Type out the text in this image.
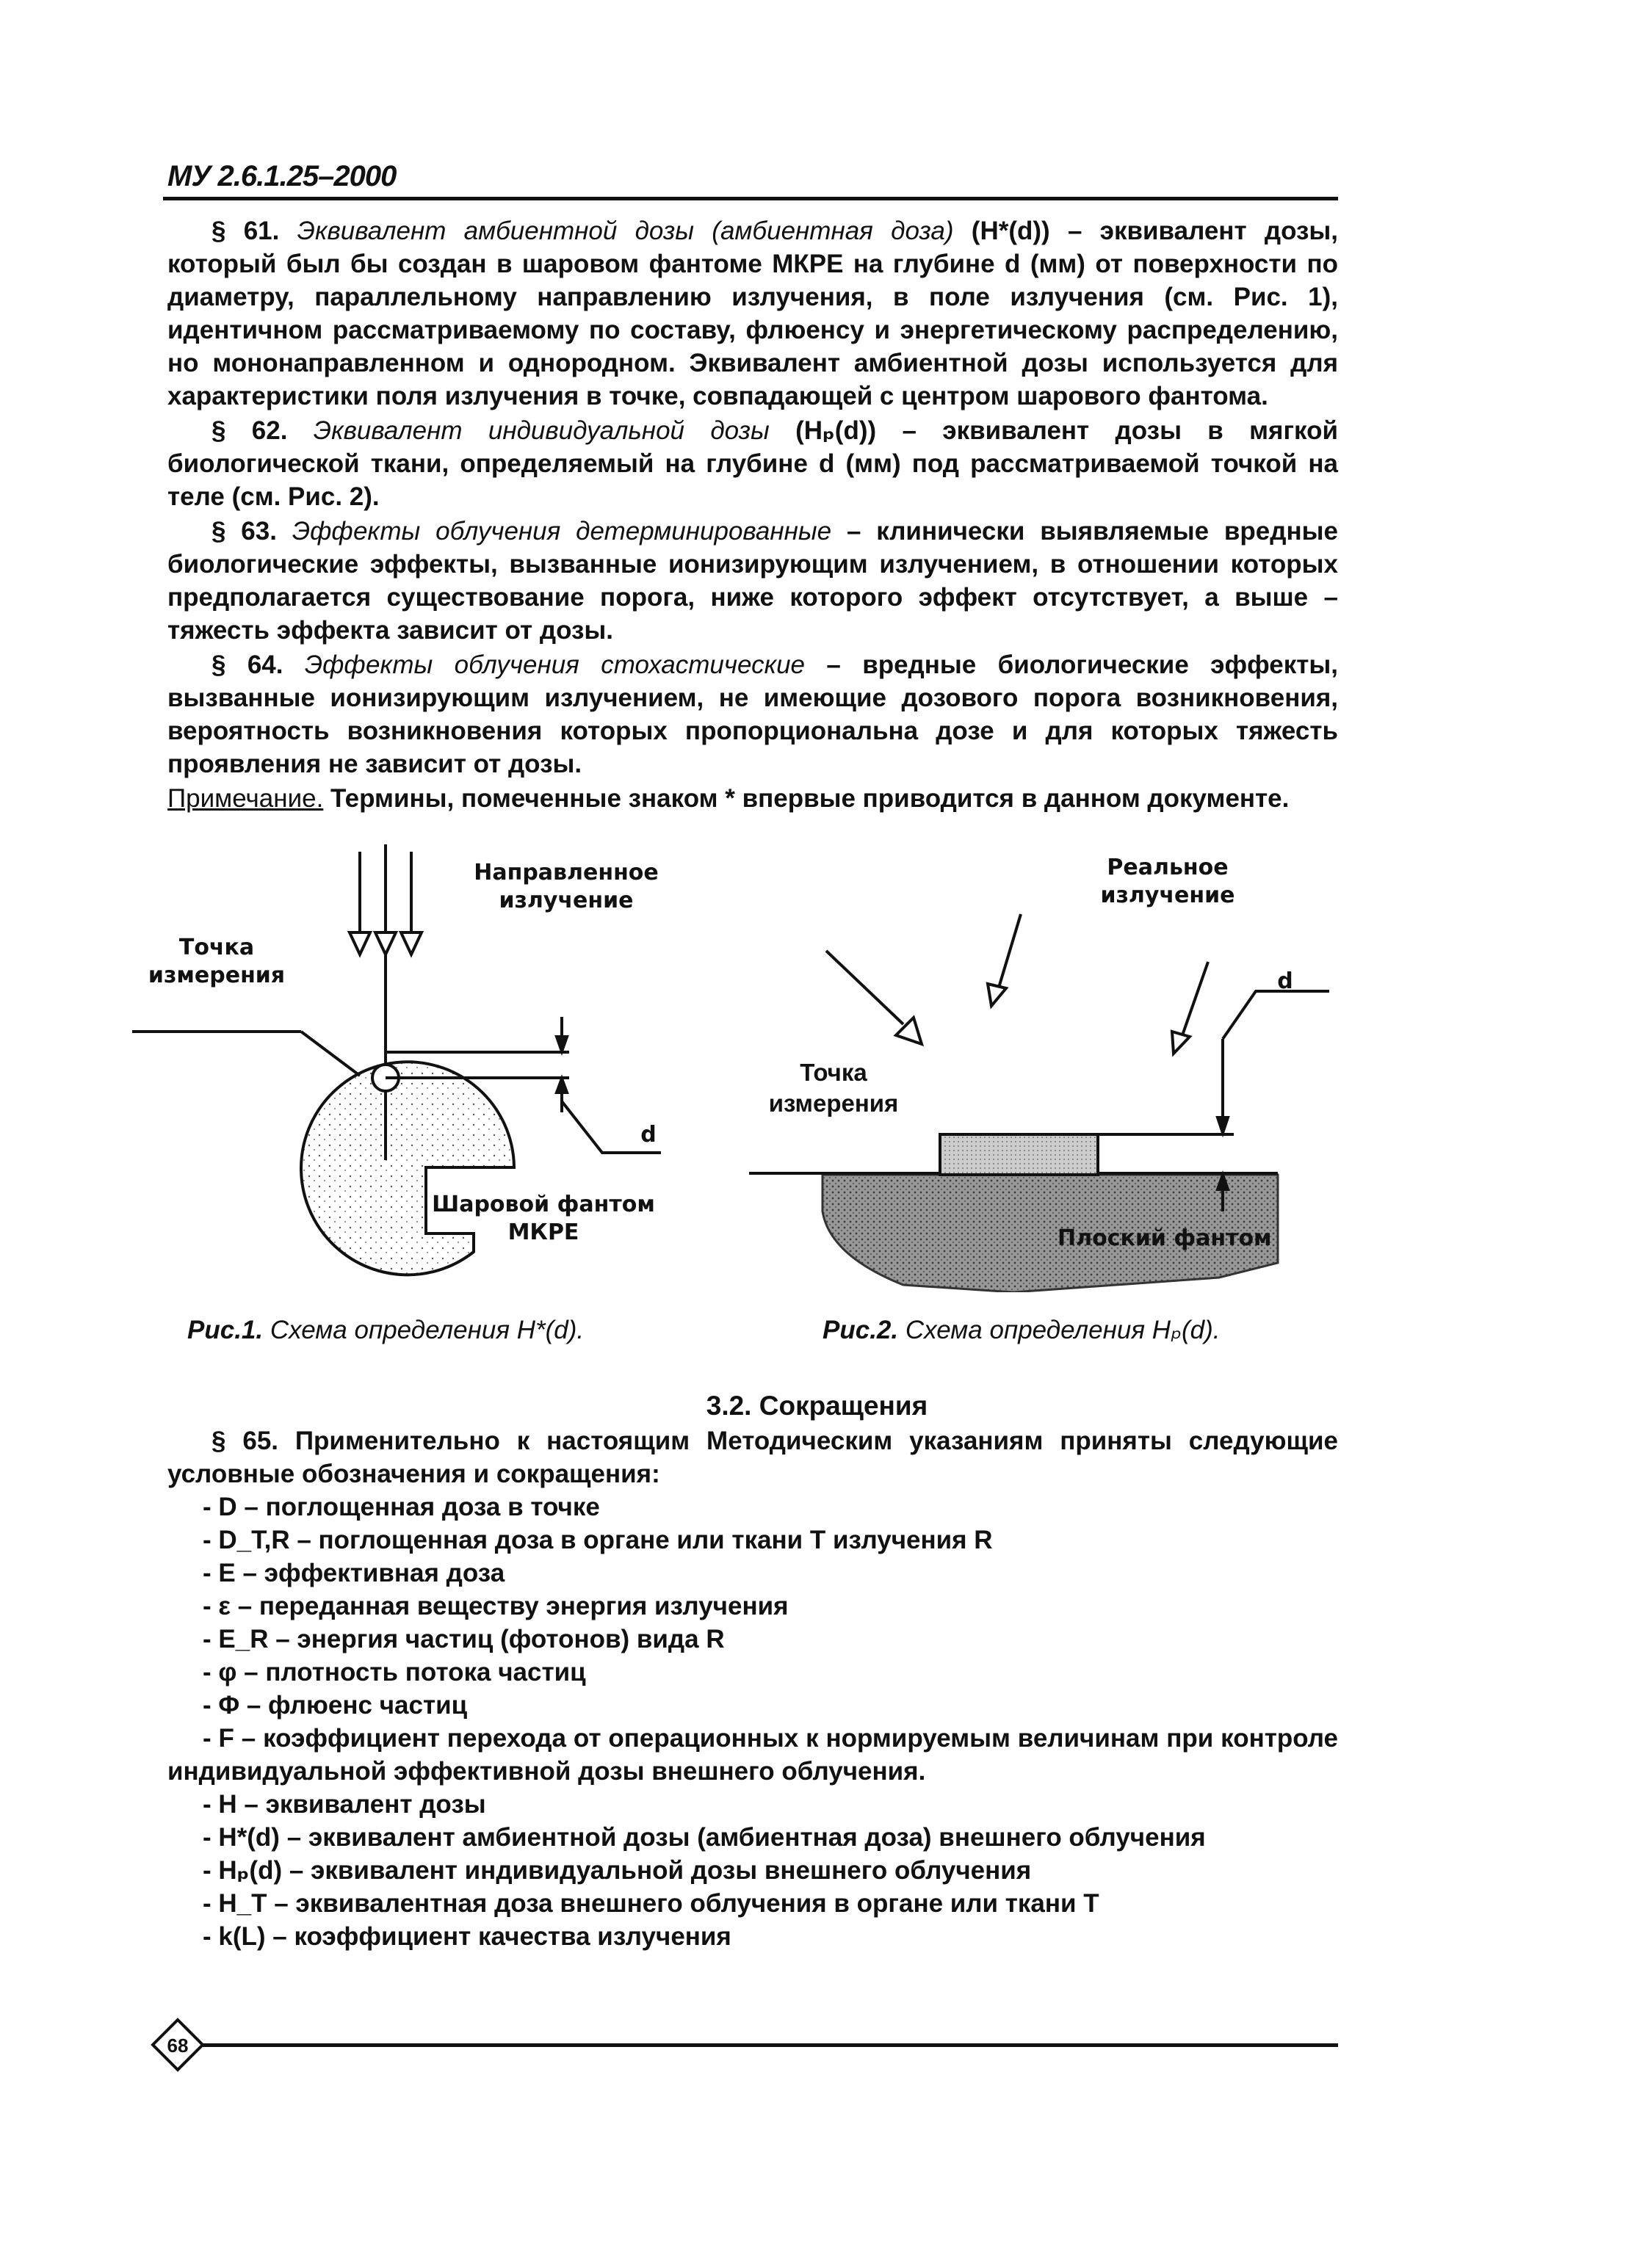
МУ 2.6.1.25–2000

§ 61. Эквивалент амбиентной дозы (амбиентная доза) (H*(d)) – эквивалент дозы, который был бы создан в шаровом фантоме МКРЕ на глубине d (мм) от поверхности по диаметру, параллельному направлению излучения, в поле излучения (см. Рис. 1), идентичном рассматриваемому по составу, флюенсу и энергетическому распределению, но мононаправленном и однородном. Эквивалент амбиентной дозы используется для характеристики поля излучения в точке, совпадающей с центром шарового фантома.

§ 62. Эквивалент индивидуальной дозы (Hₚ(d)) – эквивалент дозы в мягкой биологической ткани, определяемый на глубине d (мм) под рассматриваемой точкой на теле (см. Рис. 2).

§ 63. Эффекты облучения детерминированные – клинически выявляемые вредные биологические эффекты, вызванные ионизирующим излучением, в отношении которых предполагается существование порога, ниже которого эффект отсутствует, а выше – тяжесть эффекта зависит от дозы.

§ 64. Эффекты облучения стохастические – вредные биологические эффекты, вызванные ионизирующим излучением, не имеющие дозового порога возникновения, вероятность возникновения которых пропорциональна дозе и для которых тяжесть проявления не зависит от дозы.

Примечание. Термины, помеченные знаком * впервые приводится в данном документе.

Направленное
излучение
Точка
измерения
d
Шаровой фантом
МКРЕ
Реальное
излучение
Точка
измерения
d
Плоский фантом
Рис.1. Схема определения H*(d).	Рис.2. Схема определения Hₚ(d).
3.2. Сокращения

§ 65. Применительно к настоящим Методическим указаниям приняты следующие условные обозначения и сокращения:

- D – поглощенная доза в точке

- D_T,R – поглощенная доза в органе или ткани T излучения R

- E – эффективная доза

- ε – переданная веществу энергия излучения

- E_R – энергия частиц (фотонов) вида R

- φ – плотность потока частиц

- Φ – флюенс частиц

- F – коэффициент перехода от операционных к нормируемым величинам при контроле индивидуальной эффективной дозы внешнего облучения.

- H – эквивалент дозы

- H*(d) – эквивалент амбиентной дозы (амбиентная доза) внешнего облучения

- Hₚ(d) – эквивалент индивидуальной дозы внешнего облучения

- H_T – эквивалентная доза внешнего облучения в органе или ткани T

- k(L) – коэффициент качества излучения

68
